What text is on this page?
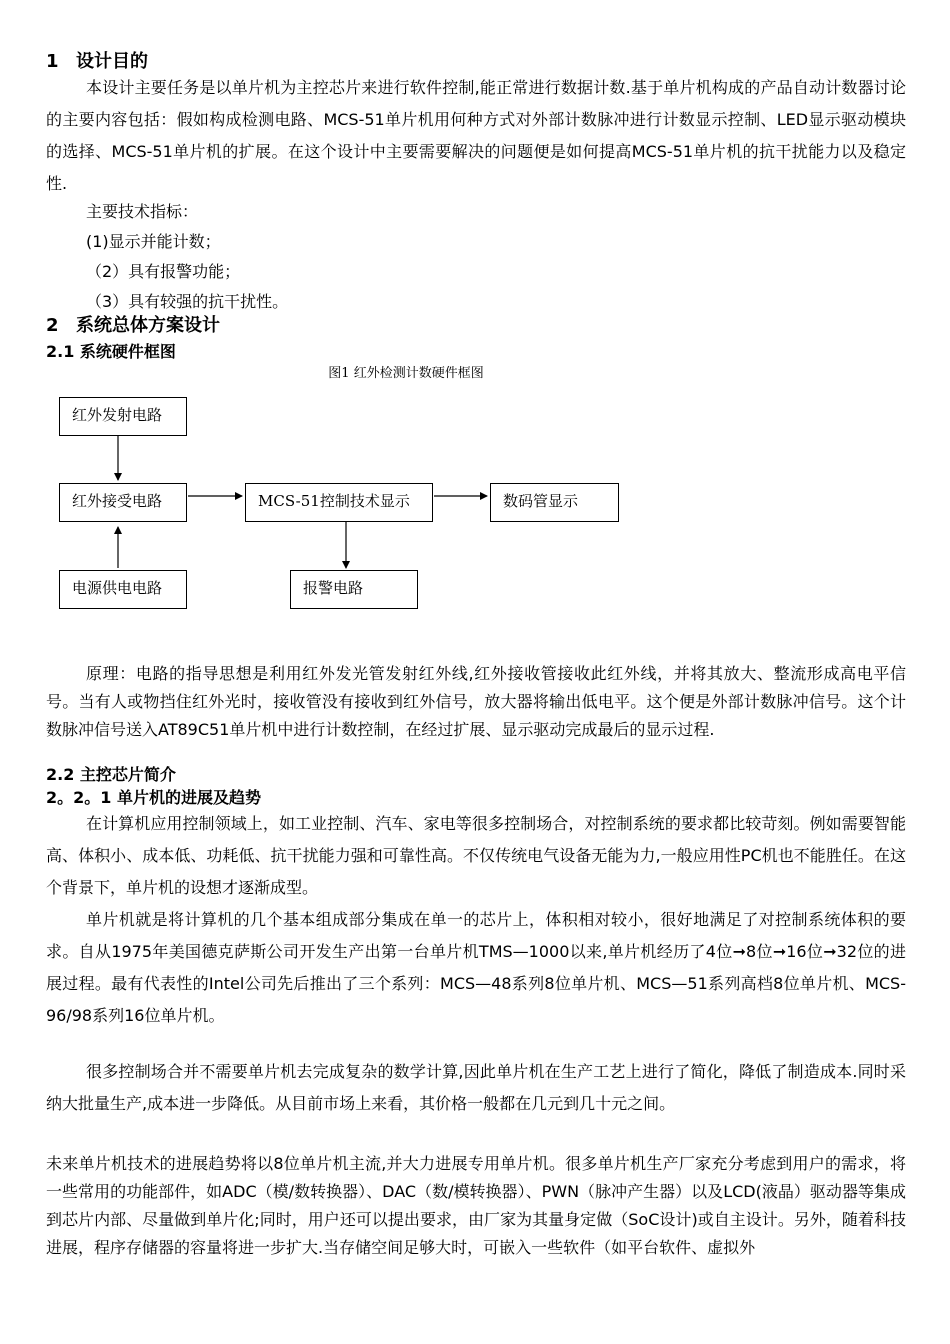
1 设计目的
本设计主要任务是以单片机为主控芯片来进行软件控制,能正常进行数据计数.基于单片机构成的产品自动计数器讨论的主要内容包括：假如构成检测电路、MCS-51单片机用何种方式对外部计数脉冲进行计数显示控制、LED显示驱动模块的选择、MCS-51单片机的扩展。在这个设计中主要需要解决的问题便是如何提高MCS-51单片机的抗干扰能力以及稳定性.
主要技术指标：
(1)显示并能计数；
（2）具有报警功能；
（3）具有较强的抗干扰性。
2 系统总体方案设计
2.1 系统硬件框图
图1 红外检测计数硬件框图
红外发射电路
红外接受电路
电源供电电路
MCS-51控制技术显示	数码管显示
报警电路
原理：电路的指导思想是利用红外发光管发射红外线,红外接收管接收此红外线，并将其放大、整流形成高电平信号。当有人或物挡住红外光时，接收管没有接收到红外信号，放大器将输出低电平。这个便是外部计数脉冲信号。这个计数脉冲信号送入AT89C51单片机中进行计数控制，在经过扩展、显示驱动完成最后的显示过程.
2.2 主控芯片简介
2。2。1 单片机的进展及趋势
在计算机应用控制领域上，如工业控制、汽车、家电等很多控制场合，对控制系统的要求都比较苛刻。例如需要智能高、体积小、成本低、功耗低、抗干扰能力强和可靠性高。不仅传统电气设备无能为力,一般应用性PC机也不能胜任。在这个背景下，单片机的设想才逐渐成型。
单片机就是将计算机的几个基本组成部分集成在单一的芯片上，体积相对较小，很好地满足了对控制系统体积的要求。自从1975年美国德克萨斯公司开发生产出第一台单片机TMS—1000以来,单片机经历了4位➞8位➞16位➞32位的进展过程。最有代表性的Intel公司先后推出了三个系列：MCS—48系列8位单片机、MCS—51系列高档8位单片机、MCS-96/98系列16位单片机。
很多控制场合并不需要单片机去完成复杂的数学计算,因此单片机在生产工艺上进行了简化，降低了制造成本.同时采纳大批量生产,成本进一步降低。从目前市场上来看，其价格一般都在几元到几十元之间。
未来单片机技术的进展趋势将以8位单片机主流,并大力进展专用单片机。很多单片机生产厂家充分考虑到用户的需求，将一些常用的功能部件，如ADC（模/数转换器）、DAC（数/模转换器）、PWN（脉冲产生器）以及LCD(液晶）驱动器等集成到芯片内部、尽量做到单片化;同时，用户还可以提出要求，由厂家为其量身定做（SoC设计)或自主设计。另外，随着科技进展，程序存储器的容量将进一步扩大.当存储空间足够大时，可嵌入一些软件（如平台软件、虚拟外
